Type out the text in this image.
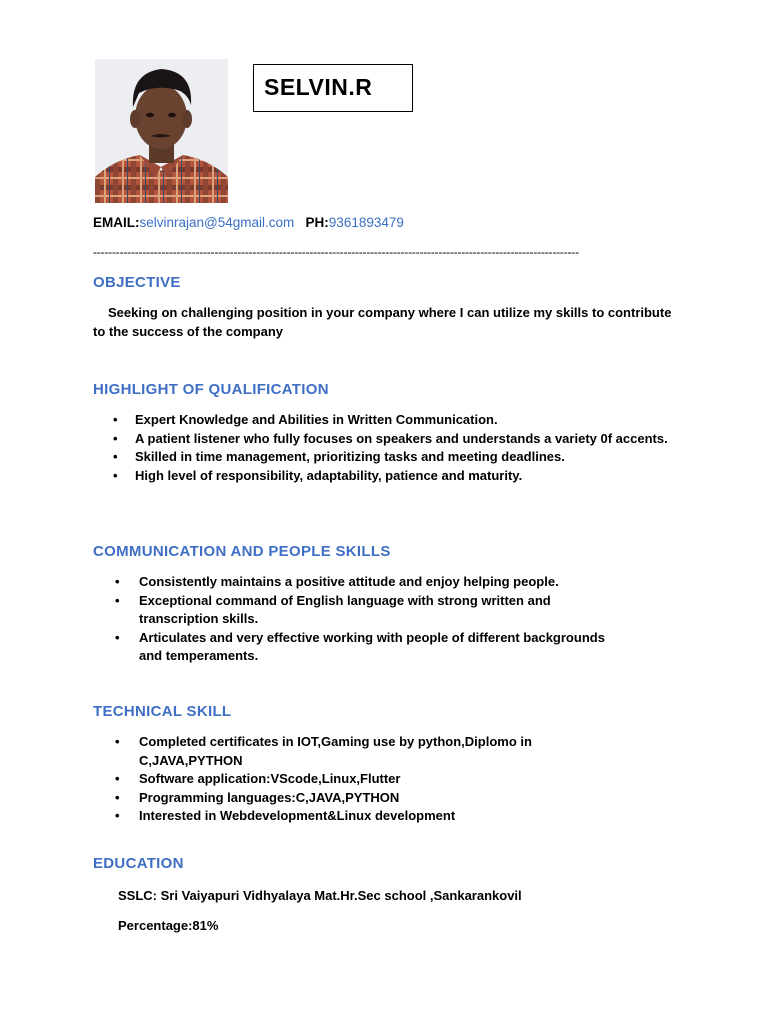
SELVIN.R
EMAIL:selvinrajan@54gmail.com PH:9361893479
--------------------------------------------------------------------------------------------------------------------------------
OBJECTIVE
Seeking on challenging position in your company where I can utilize my skills to contribute to the success of the company
HIGHLIGHT OF QUALIFICATION
• Expert Knowledge and Abilities in Written Communication.
• A patient listener who fully focuses on speakers and understands a variety 0f accents.
• Skilled in time management, prioritizing tasks and meeting deadlines.
• High level of responsibility, adaptability, patience and maturity.
COMMUNICATION AND PEOPLE SKILLS
• Consistently maintains a positive attitude and enjoy helping people.
• Exceptional command of English language with strong written and transcription skills.
• Articulates and very effective working with people of different backgrounds and temperaments.
TECHNICAL SKILL
• Completed certificates in IOT,Gaming use by python,Diplomo in C,JAVA,PYTHON
• Software application:VScode,Linux,Flutter
• Programming languages:C,JAVA,PYTHON
• Interested in Webdevelopment&Linux development
EDUCATION
SSLC: Sri Vaiyapuri Vidhyalaya Mat.Hr.Sec school ,Sankarankovil
Percentage:81%
